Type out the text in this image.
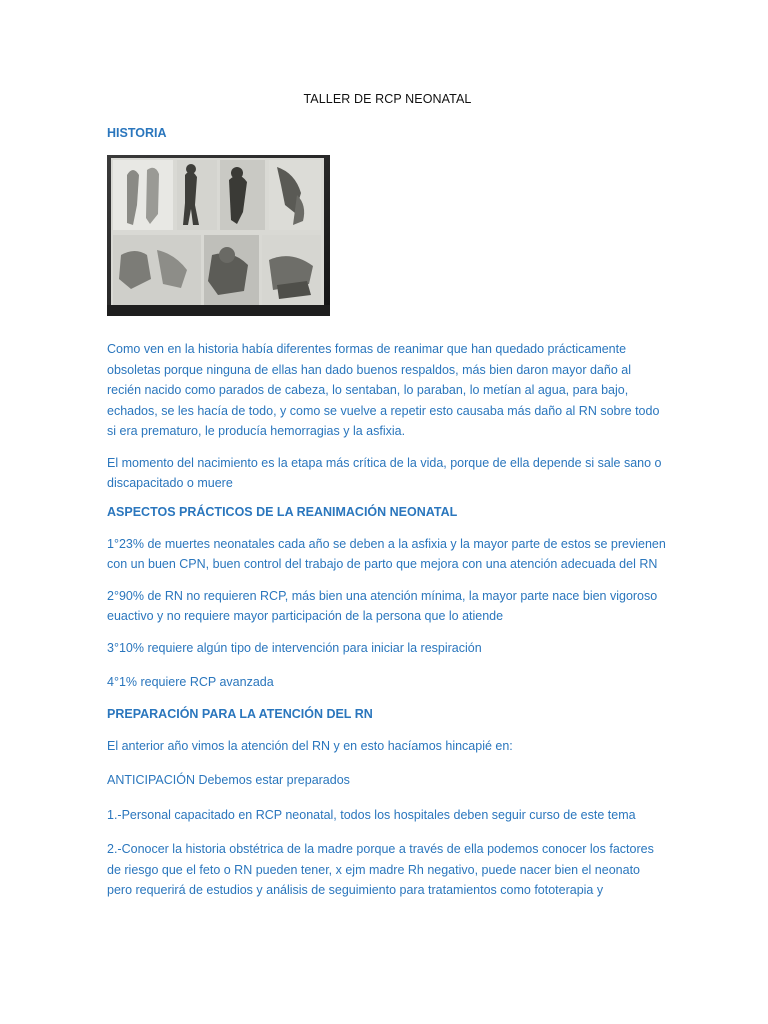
TALLER DE RCP NEONATAL
HISTORIA
Como ven en la historia había diferentes formas de reanimar que han quedado prácticamente obsoletas porque ninguna de ellas han dado buenos respaldos, más bien daron mayor daño al recién nacido como parados de cabeza, lo sentaban, lo paraban, lo metían al agua, para bajo, echados, se les hacía de todo, y como se vuelve a repetir esto causaba más daño al RN sobre todo si era prematuro, le producía hemorragias y la asfixia.
El momento del nacimiento es la etapa más crítica de la vida, porque de ella depende si sale sano o discapacitado o muere
ASPECTOS PRÁCTICOS DE LA REANIMACIÓN NEONATAL
1°23% de muertes neonatales cada año se deben a la asfixia y la mayor parte de estos se previenen con un buen CPN, buen control del trabajo de parto que mejora con una atención adecuada del RN
2°90% de RN no requieren RCP, más bien una atención mínima, la mayor parte nace bien vigoroso euactivo y no requiere mayor participación de la persona que lo atiende
3°10% requiere algún tipo de intervención para iniciar la respiración
4°1% requiere RCP avanzada
PREPARACIÓN PARA LA ATENCIÓN DEL RN
El anterior año vimos la atención del RN y en esto hacíamos hincapié en:
ANTICIPACIÓN Debemos estar preparados
1.-Personal capacitado en RCP neonatal, todos los hospitales deben seguir curso de este tema
2.-Conocer la historia obstétrica de la madre porque a través de ella podemos conocer los factores de riesgo que el feto o RN pueden tener, x ejm madre Rh negativo, puede nacer bien el neonato pero requerirá de estudios y análisis de seguimiento para tratamientos como fototerapia y
